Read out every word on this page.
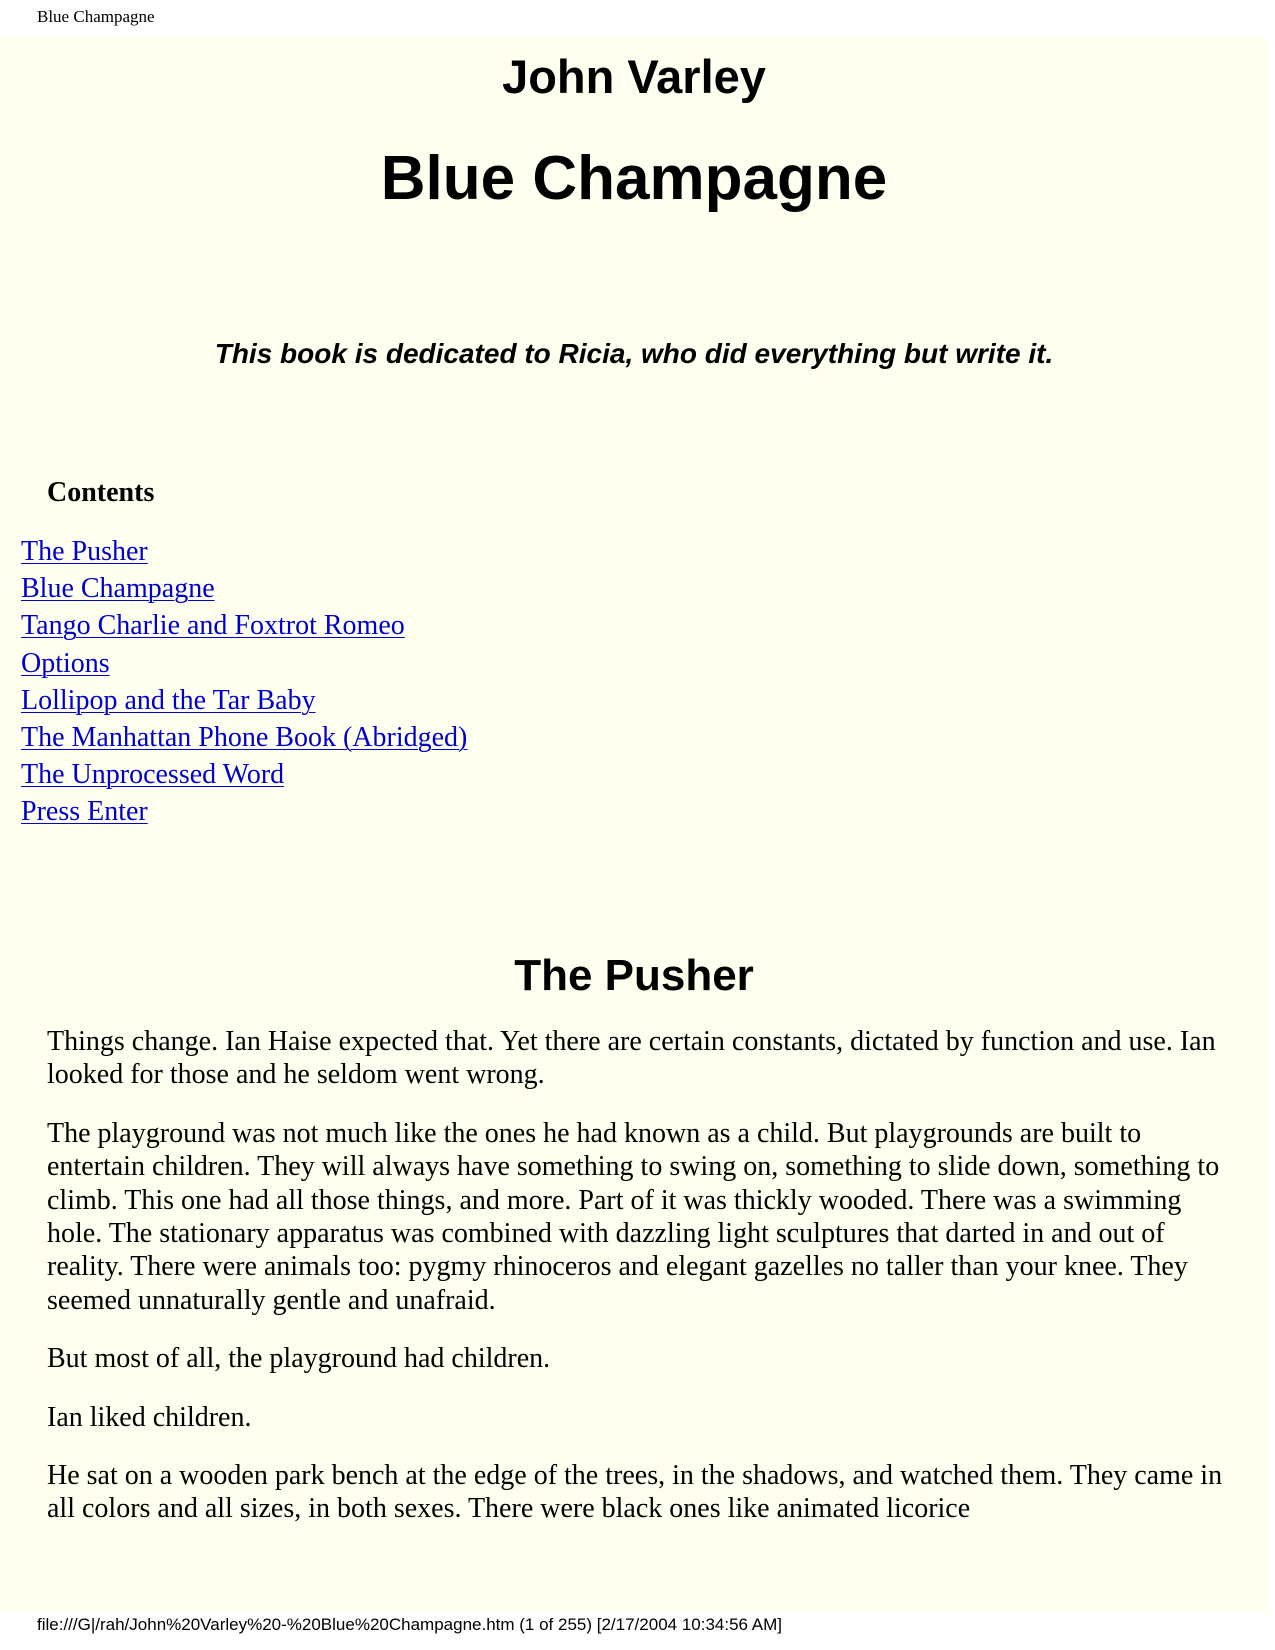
Blue Champagne
John Varley
Blue Champagne
This book is dedicated to Ricia, who did everything but write it.
Contents
The Pusher
Blue Champagne
Tango Charlie and Foxtrot Romeo
Options
Lollipop and the Tar Baby
The Manhattan Phone Book (Abridged)
The Unprocessed Word
Press Enter
The Pusher

Things change. Ian Haise expected that. Yet there are certain constants, dictated by function and use. Ian looked for those and he seldom went wrong.

The playground was not much like the ones he had known as a child. But playgrounds are built to entertain children. They will always have something to swing on, something to slide down, something to climb. This one had all those things, and more. Part of it was thickly wooded. There was a swimming hole. The stationary apparatus was combined with dazzling light sculptures that darted in and out of reality. There were animals too: pygmy rhinoceros and elegant gazelles no taller than your knee. They seemed unnaturally gentle and unafraid.

But most of all, the playground had children.

Ian liked children.

He sat on a wooden park bench at the edge of the trees, in the shadows, and watched them. They came in all colors and all sizes, in both sexes. There were black ones like animated licorice

file:///G|/rah/John%20Varley%20-%20Blue%20Champagne.htm (1 of 255) [2/17/2004 10:34:56 AM]
